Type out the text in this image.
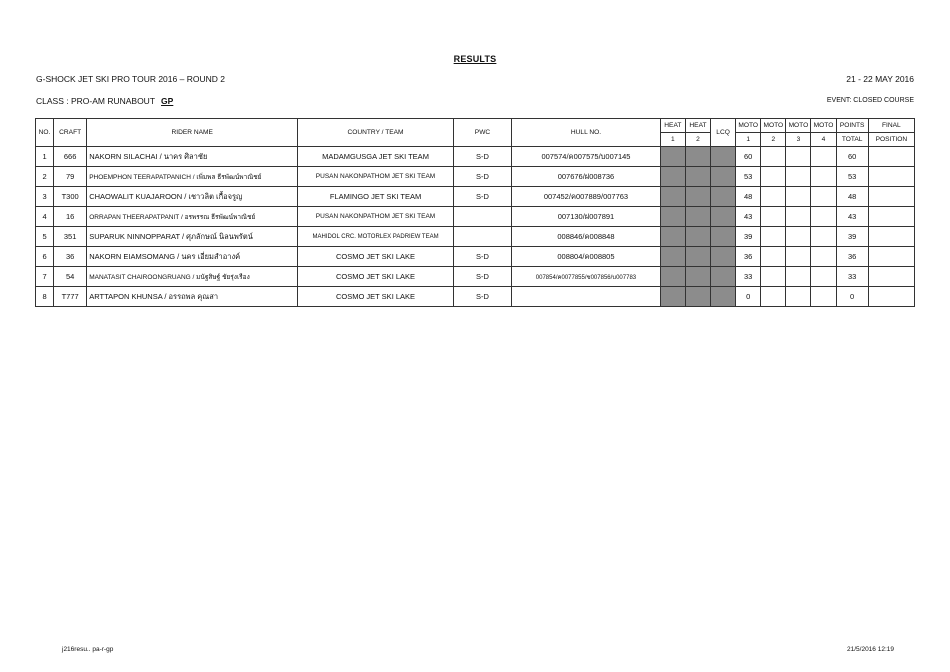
RESULTS
G-SHOCK JET SKI PRO TOUR 2016 – ROUND 2	21 - 22 MAY 2016
CLASS : PRO-AM RUNABOUT GP	EVENT: CLOSED COURSE
NO.	CRAFT	RIDER NAME	COUNTRY / TEAM	PWC	HULL NO.	HEAT	HEAT	LCQ	MOTO	MOTO	MOTO	MOTO	POINTS	FINAL
						1	2		1	2	3	4	TOTAL	POSITION
1	666	NAKORN SILACHAI / นาคร ศิลาชัย	MADAMGUSGA JET SKI TEAM	S-D	007574/ค007575/บ007145				60				60	
2	79	PHOEMPHON TEERAPATPANICH / เพิ่มพล ธีรพัฒน์พาณิชย์	PUSAN NAKONPATHOM JET SKI TEAM	S-D	007676/ฝ008736				53				53	
3	T300	CHAOWALIT KUAJAROON / เชาวลิต เกื้อจรูญ	FLAMINGO JET SKI TEAM	S-D	007452/ค007889/007763				48				48	
4	16	ORRAPAN THEERAPATPANIT / อรพรรณ ธีรพัฒน์พาณิชย์	PUSAN NAKONPATHOM JET SKI TEAM		007130/ฝ007891				43				43	
5	351	SUPARUK NINNOPPARAT / ศุภลักษณ์ นิลนพรัตน์	MAHIDOL CRC. MOTORLEX PADRIEW TEAM		008846/ค008848				39				39	
6	36	NAKORN EIAMSOMANG / นคร เอี่ยมสำอางค์	COSMO JET SKI LAKE	S-D	008804/ค008805				36				36	
7	54	MANATASIT CHAIROONGRUANG / มนัฐสิษฐ์ ชัยรุ่งเรือง	COSMO JET SKI LAKE	S-D	007854/ค0077855/ช007856/บ007783				33				33	
8	T777	ARTTAPON KHUNSA / อรรถพล คุณสา	COSMO JET SKI LAKE	S-D					0				0	
j216resu.. pa-r-gp	21/5/2016 12:19
